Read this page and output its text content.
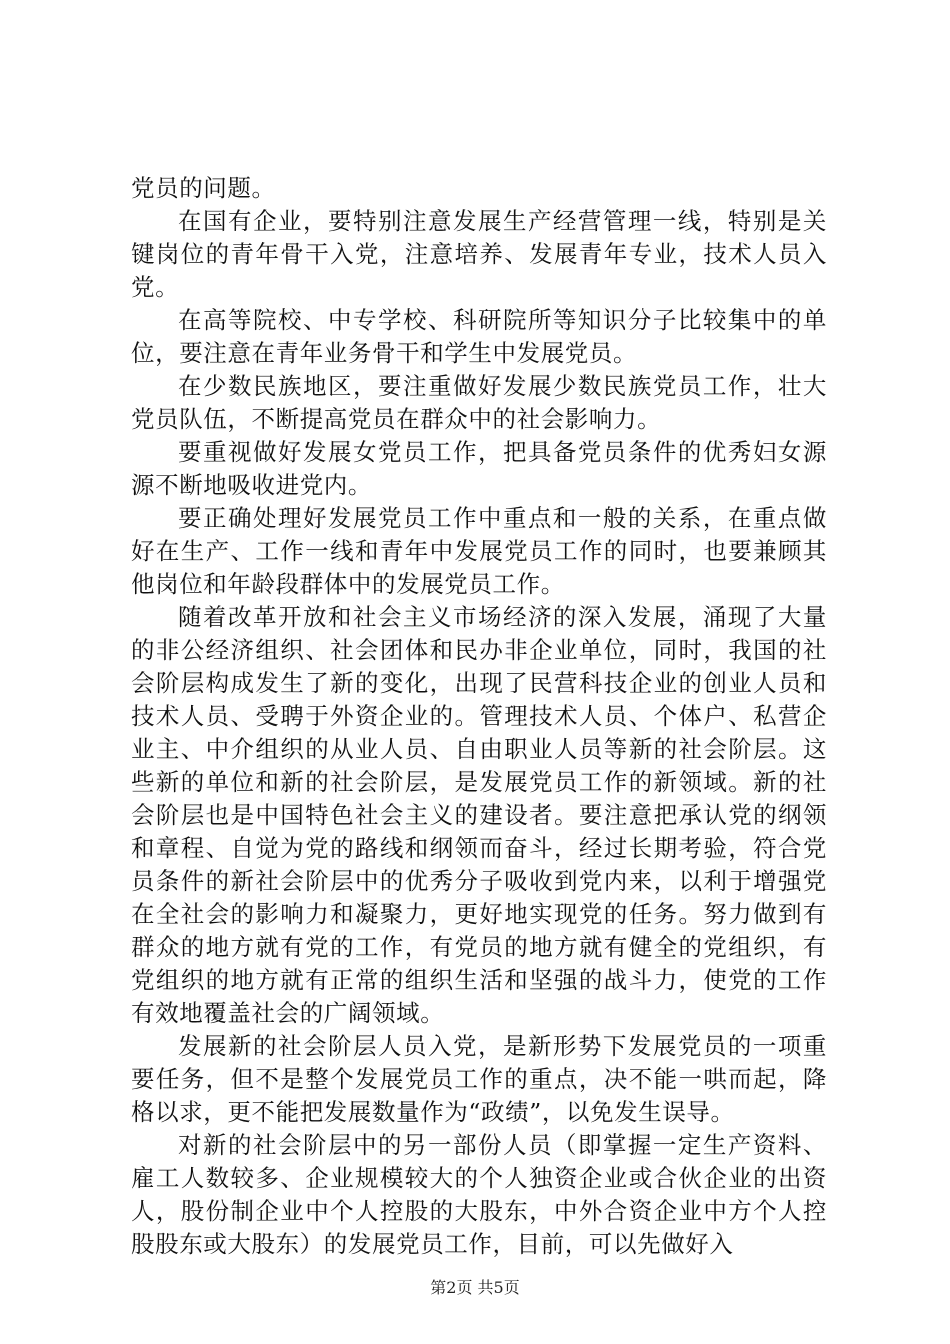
党员的问题。

在国有企业，要特别注意发展生产经营管理一线，特别是关键岗位的青年骨干入党，注意培养、发展青年专业，技术人员入党。

在高等院校、中专学校、科研院所等知识分子比较集中的单位，要注意在青年业务骨干和学生中发展党员。

在少数民族地区，要注重做好发展少数民族党员工作，壮大党员队伍，不断提高党员在群众中的社会影响力。

要重视做好发展女党员工作，把具备党员条件的优秀妇女源源不断地吸收进党内。

要正确处理好发展党员工作中重点和一般的关系，在重点做好在生产、工作一线和青年中发展党员工作的同时，也要兼顾其他岗位和年龄段群体中的发展党员工作。

随着改革开放和社会主义市场经济的深入发展，涌现了大量的非公经济组织、社会团体和民办非企业单位，同时，我国的社会阶层构成发生了新的变化，出现了民营科技企业的创业人员和技术人员、受聘于外资企业的。管理技术人员、个体户、私营企业主、中介组织的从业人员、自由职业人员等新的社会阶层。这些新的单位和新的社会阶层，是发展党员工作的新领域。新的社会阶层也是中国特色社会主义的建设者。要注意把承认党的纲领和章程、自觉为党的路线和纲领而奋斗，经过长期考验，符合党员条件的新社会阶层中的优秀分子吸收到党内来，以利于增强党在全社会的影响力和凝聚力，更好地实现党的任务。努力做到有群众的地方就有党的工作，有党员的地方就有健全的党组织，有党组织的地方就有正常的组织生活和坚强的战斗力，使党的工作有效地覆盖社会的广阔领域。

发展新的社会阶层人员入党，是新形势下发展党员的一项重要任务，但不是整个发展党员工作的重点，决不能一哄而起，降格以求，更不能把发展数量作为“政绩”，以免发生误导。

对新的社会阶层中的另一部份人员（即掌握一定生产资料、雇工人数较多、企业规模较大的个人独资企业或合伙企业的出资人，股份制企业中个人控股的大股东，中外合资企业中方个人控股股东或大股东）的发展党员工作，目前，可以先做好入

第2页 共5页
